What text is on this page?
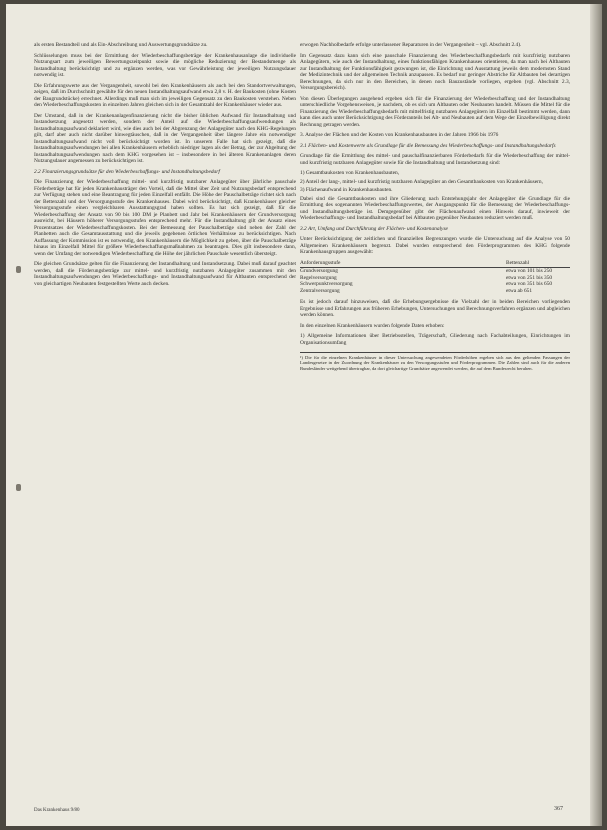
als ersten Bestandteil und als Ein-Abschreibung und Auswertungsgrundsätze zu.

Schlüsselungen muss bei der Ermittlung der Wiederbeschaffungsbeträge der Krankenhausanlage die individuelle Nutzungsart zum jeweiligen Bewertungszeitpunkt sowie die mögliche Reduzierung der Bestandsmenge als Instandhaltung berücksichtigt und zu ergänzen werden, was vor Gewährleistung der jeweiligen Nutzungsdauer notwendig ist.

Die Erfahrungswerte aus der Vergangenheit, sowohl bei den Krankenhäusern als auch bei den Standortverwaltungen, zeigen, daß im Durchschnitt gewählte für den neuen Instandhaltungsaufwand etwa 2,8 v. H. der Baukosten (ohne Kosten der Baugrundstücke) errechnet. Allerdings muß man sich im jeweiligen Gegensatz zu den Baukosten verstehen. Neben den Wiederbeschaffungskosten in einzelnen Jahren gleichen sich in der Gesamtzahl der Krankenhäuser wieder aus.

Der Umstand, daß in der Krankenanlagenfinanzierung nicht die bisher üblichen Aufwand für Instandhaltung und Instandsetzung angesetzt werden, sondern der Anteil auf die Wiederbeschaffungsaufwendungen als Instandhaltungsaufwand deklariert wird, wie dies auch bei der Abgrenzung der Anlagegüter nach den KHG-Regelungen gilt, darf aber auch nicht darüber hinwegtäuschen, daß in der Vergangenheit über längere Jahre ein notwendiger Instandhaltungsaufwand nicht voll berücksichtigt worden ist. In unserem Falle hat sich gezeigt, daß die Instandhaltungsaufwendungen bei allen Krankenhäusern erheblich niedriger lagen als der Betrag, der zur Abgeltung der Instandhaltungsaufwendungen nach dem KHG vorgesehen ist – insbesondere in bei älteren Krankenanlagen deren Nutzungsdauer angemessen zu berücksichtigen ist.

2.2 Finanzierungsgrundsätze für den Wiederbeschaffungs- und Instandhaltungsbedarf

Die Finanzierung der Wiederbeschaffung mittel- und kurzfristig nutzbarer Anlagegüter über jährliche pauschale Förderbeträge hat für jeden Krankenhausträger den Vorteil, daß die Mittel über Zeit und Nutzungsbedarf entsprechend zur Verfügung stehen und eine Beantragung für jeden Einzelfall entfällt. Die Höhe der Pauschalbeträge richtet sich nach der Bettenzahl und der Versorgungsstufe des Krankenhauses. Dabei wird berücksichtigt, daß Krankenhäuser gleicher Versorgungsstufe einen vergleichbaren Ausstattungsgrad haben sollten. Es hat sich gezeigt, daß für die Wiederbeschaffung der Ansatz von 90 bis 100 DM je Planbett und Jahr bei Krankenhäusern der Grundversorgung ausreicht, bei Häusern höherer Versorgungsstufen entsprechend mehr. Für die Instandhaltung gilt der Ansatz eines Prozentsatzes der Wiederbeschaffungskosten. Bei der Bemessung der Pauschalbeträge sind neben der Zahl der Planbetten auch die Gesamtausstattung und die jeweils gegebenen örtlichen Verhältnisse zu berücksichtigen. Nach Auffassung der Kommission ist es notwendig, den Krankenhäusern die Möglichkeit zu geben, über die Pauschalbeträge hinaus im Einzelfall Mittel für größere Wiederbeschaffungsmaßnahmen zu beantragen. Dies gilt insbesondere dann, wenn der Umfang der notwendigen Wiederbeschaffung die Höhe der jährlichen Pauschale wesentlich übersteigt.

Die gleichen Grundsätze gelten für die Finanzierung der Instandhaltung und Instandsetzung. Dabei muß darauf geachtet werden, daß die Förderungsbeträge zur mittel- und kurzfristig nutzbaren Anlagegüter zusammen mit den Instandhaltungsaufwendungen den Wiederbeschaffungs- und Instandhaltungsaufwand für Altbauten entsprechend der von gleichartigen Neubauten festgestellten Werte auch decken.

erwogen Nachholbedarfe erfolge unterlassener Reparaturen in der Vergangenheit – vgl. Abschnitt 2.4).

Im Gegensatz dazu kann sich eine pauschale Finanzierung des Wiederbeschaffungsbedarfs mit kurzfristig nutzbaren Anlagegütern, wie auch der Instandhaltung, eines funktionsfähigen Krankenhauses orientieren, da man nach bei Altbauten zur Instandhaltung der Funktionsfähigkeit gezwungen ist, die Einrichtung und Ausstattung jeweils dem modernsten Stand der Medizintechnik und der allgemeinen Technik anzupassen. Es bedarf nur geringer Abstriche für Altbauten bei derartigen Berechnungen, da sich nur in den Bereichen, in denen noch Bauzustände vorliegen, ergeben (vgl. Abschnitt 2.3, Versorgungsbereich).

Von diesen Überlegungen ausgehend ergeben sich für die Finanzierung der Wiederbeschaffung und der Instandhaltung unterschiedliche Vorgehensweisen, je nachdem, ob es sich um Altbauten oder Neubauten handelt. Müssen die Mittel für die Finanzierung des Wiederbeschaffungsbedarfs mit mittelfristig nutzbaren Anlagegütern im Einzelfall bestimmt werden, dann kann dies auch unter Berücksichtigung des Förderanteils bei Alt- und Neubauten auf dem Wege der Einzelbewilligung direkt Rechnung getragen werden.

3. Analyse der Flächen und der Kosten von Krankenhausbauten in der Jahren 1966 bis 1976

3.1 Flächen- und Kostenwerte als Grundlage für die Bemessung des Wiederbeschaffungs- und Instandhaltungsbedarfs

Grundlage für die Ermittlung des mittel- und pauschalfinanzierbaren Förderbedarfs für die Wiederbeschaffung der mittel- und kurzfristig nutzbaren Anlagegüter sowie für die Instandhaltung und Instandsetzung sind:

1) Gesamtbaukosten von Krankenhausbauten,

2) Anteil der lang-, mittel- und kurzfristig nutzbaren Anlagegüter an den Gesamtbaukosten von Krankenhäusern,

3) Flächenaufwand in Krankenhausbauten.

Dabei sind die Gesamtbaukosten und ihre Gliederung nach Entstehungsjahr der Anlagegüter die Grundlage für die Ermittlung des sogenannten Wiederbeschaffungswertes, der Ausgangspunkt für die Bemessung der Wiederbeschaffungs- und Instandhaltungsbeträge ist. Demgegenüber gibt der Flächenaufwand einen Hinweis darauf, inwieweit der Wiederbeschaffungs- und Instandhaltungsbedarf bei Altbauten gegenüber Neubauten reduziert werden muß.

3.2 Art, Umfang und Durchführung der Flächen- und Kostenanalyse

Unter Berücksichtigung der zeitlichen und finanziellen Begrenzungen wurde die Untersuchung auf die Analyse von 50 Allgemeinen Krankenhäusern begrenzt. Dabei wurden entsprechend den Förderprogrammen des KHG folgende Krankenhausgruppen ausgewählt:

Anforderungsstufe	Bettenzahl
Grundversorgung	etwa von 101 bis 250
Regelversorgung	etwa von 251 bis 350
Schwerpunktversorgung	etwa von 351 bis 650
Zentralversorgung	etwa ab 651

Es ist jedoch darauf hinzuweisen, daß die Erhebungsergebnisse die Vielzahl der in beiden Bereichen vorliegenden Ergebnisse und Erfahrungen aus früheren Erhebungen, Untersuchungen und Berechnungsverfahren ergänzen und abgleichen werden können.

In den einzelnen Krankenhäusern wurden folgende Daten erhoben:

1) Allgemeine Informationen über Betriebsstellen, Trägerschaft, Gliederung nach Fachabteilungen, Einrichtungen im Organisationsumfang

¹) Die für die einzelnen Krankenhäuser in dieser Untersuchung angewendeten Förderhöhen ergeben sich aus den geltenden Fassungen der Landesgesetze in der Zuordnung der Krankenhäuser zu den Versorgungsstufen und Förderprogrammen. Die Zahlen sind auch für die anderen Bundesländer weitgehend übertragbar, da dort gleichartige Grundsätze angewendet werden, die auf dem Bundesrecht beruhen.
Das Krankenhaus 9/80	367
